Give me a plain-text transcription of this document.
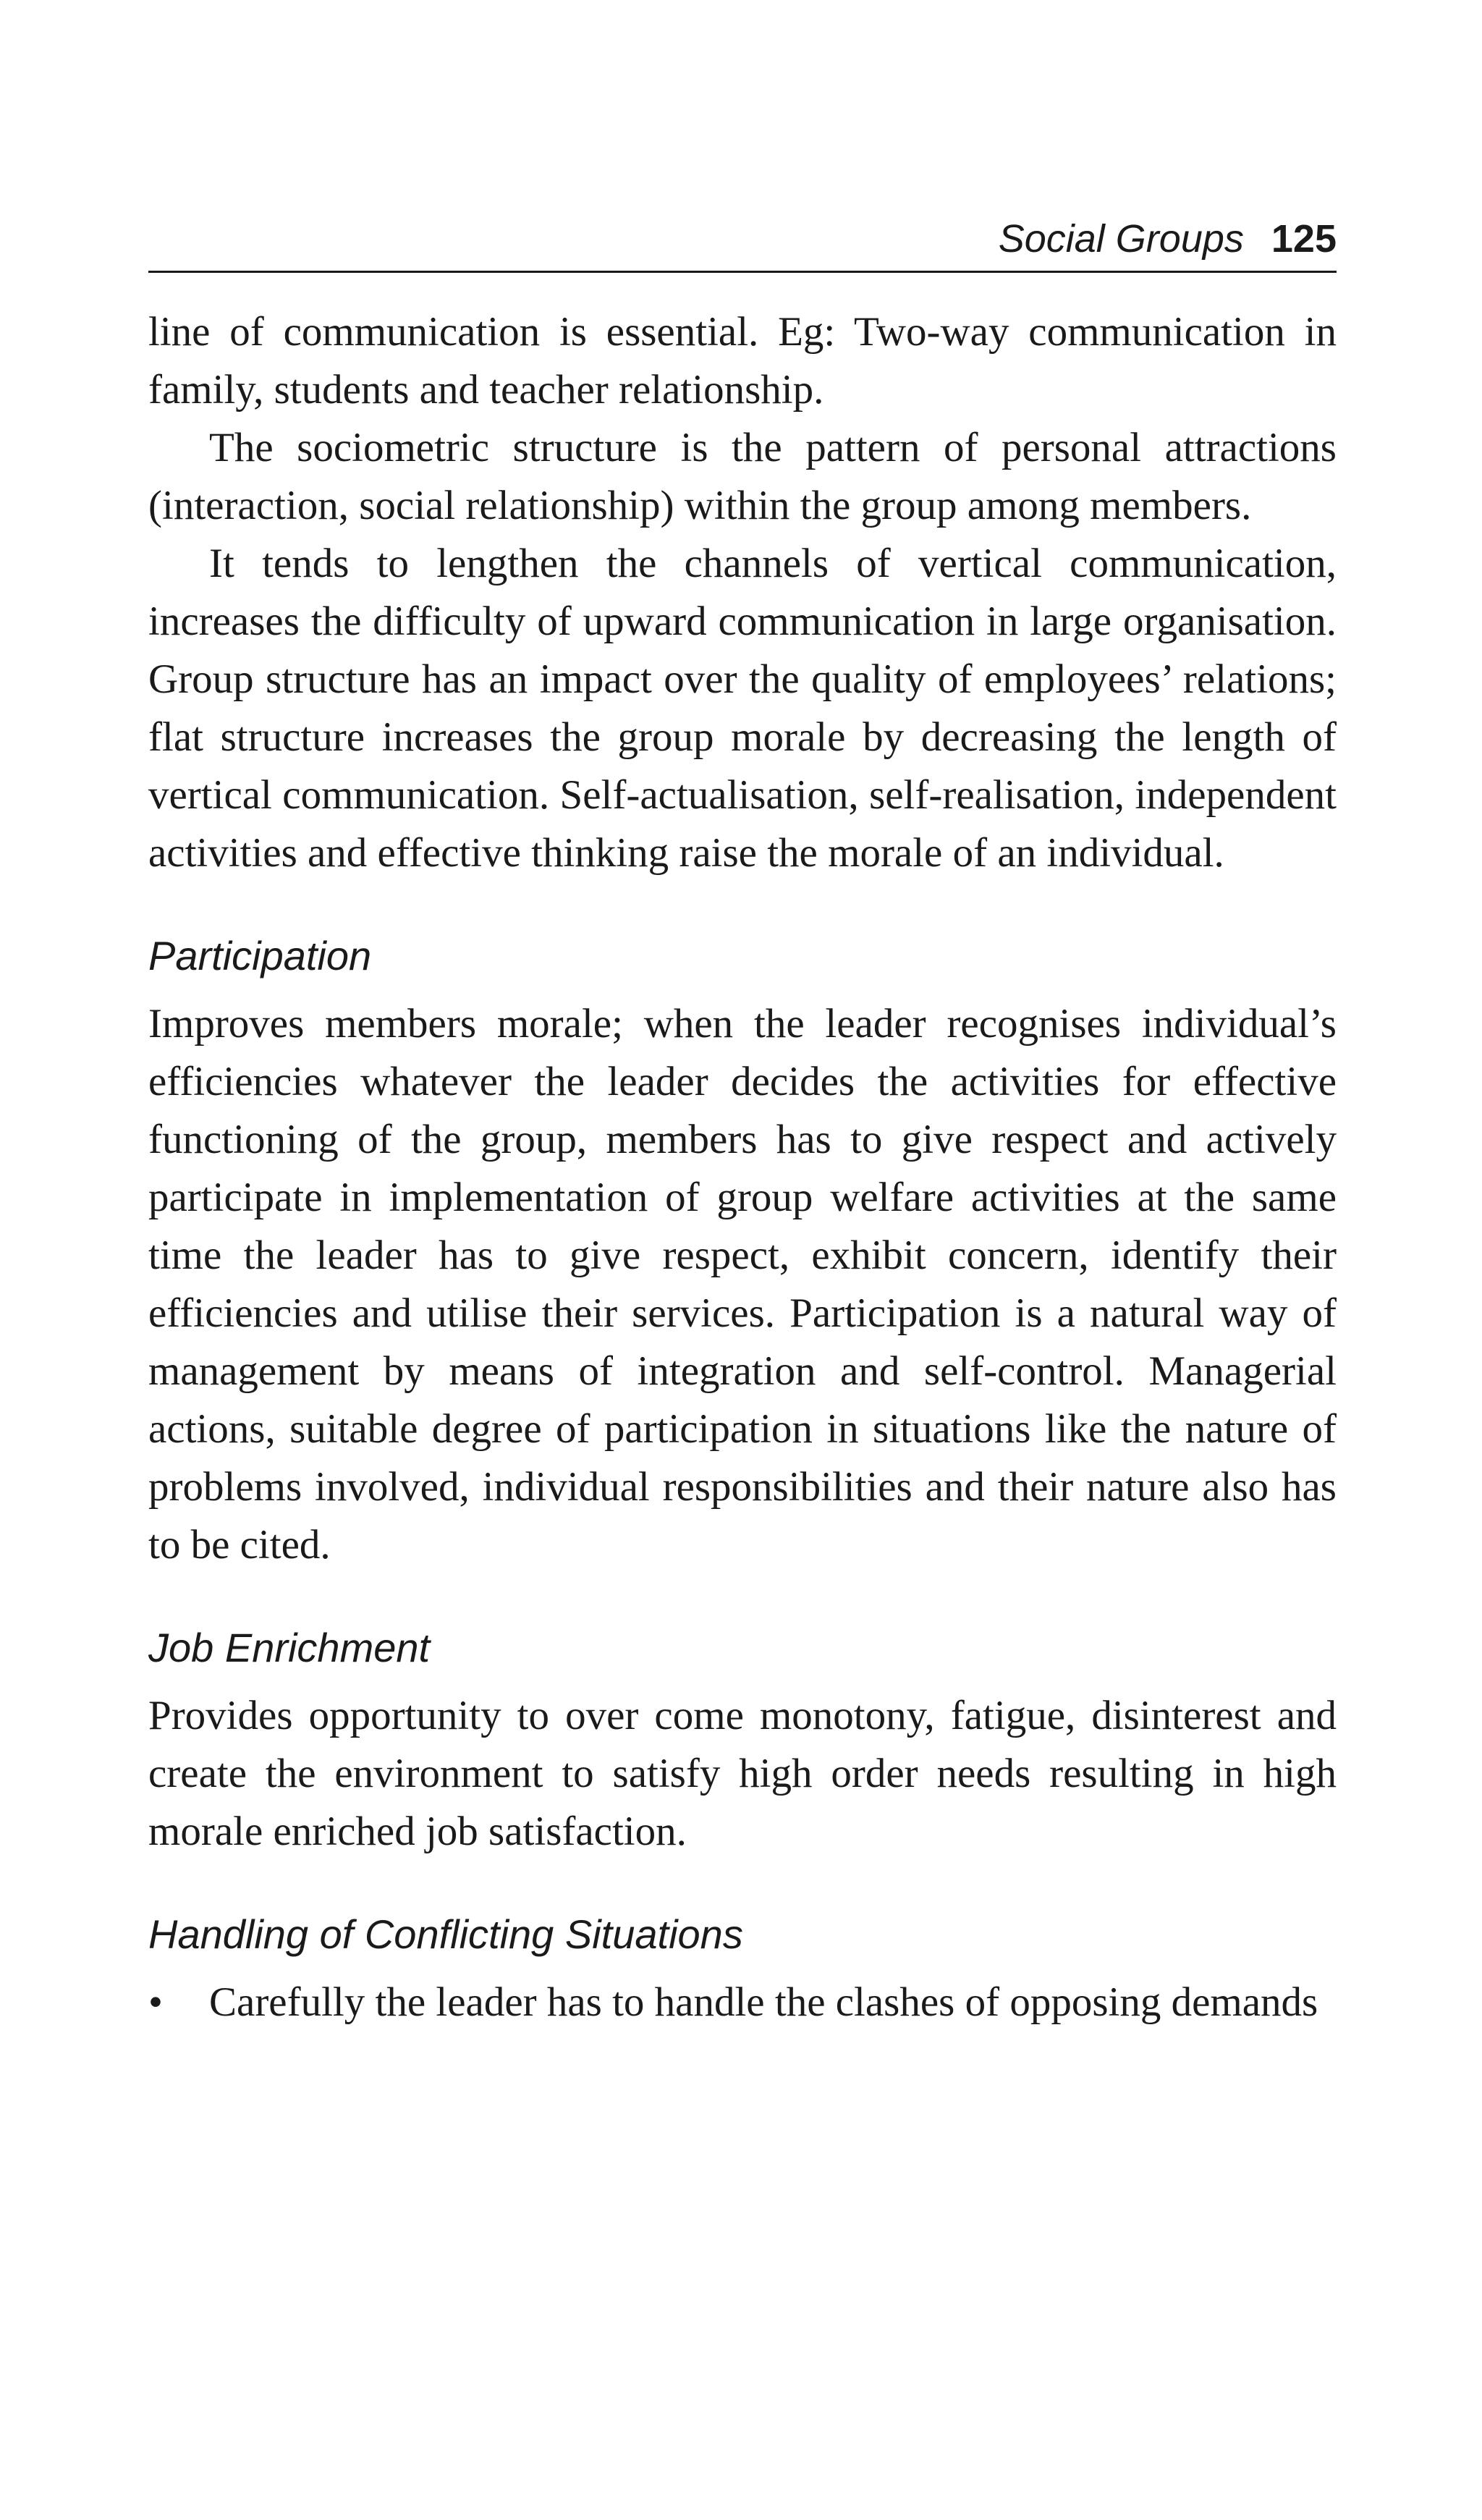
Social Groups 125

line of communication is essential. Eg: Two-way communication in family, students and teacher relationship.

The sociometric structure is the pattern of personal attractions (interaction, social relationship) within the group among members.

It tends to lengthen the channels of vertical communication, increases the difficulty of upward communication in large organisation. Group structure has an impact over the quality of employees’ relations; flat structure increases the group morale by decreasing the length of vertical communication. Self-actualisation, self-realisation, independent activities and effective thinking raise the morale of an individual.

Participation

Improves members morale; when the leader recognises individual’s efficiencies whatever the leader decides the activities for effective functioning of the group, members has to give respect and actively participate in implementation of group welfare activities at the same time the leader has to give respect, exhibit concern, identify their efficiencies and utilise their services. Participation is a natural way of management by means of integration and self-control. Managerial actions, suitable degree of participation in situations like the nature of problems involved, individual responsibilities and their nature also has to be cited.

Job Enrichment

Provides opportunity to over come monotony, fatigue, disinterest and create the environment to satisfy high order needs resulting in high morale enriched job satisfaction.

Handling of Conflicting Situations
•	Carefully the leader has to handle the clashes of opposing demands
